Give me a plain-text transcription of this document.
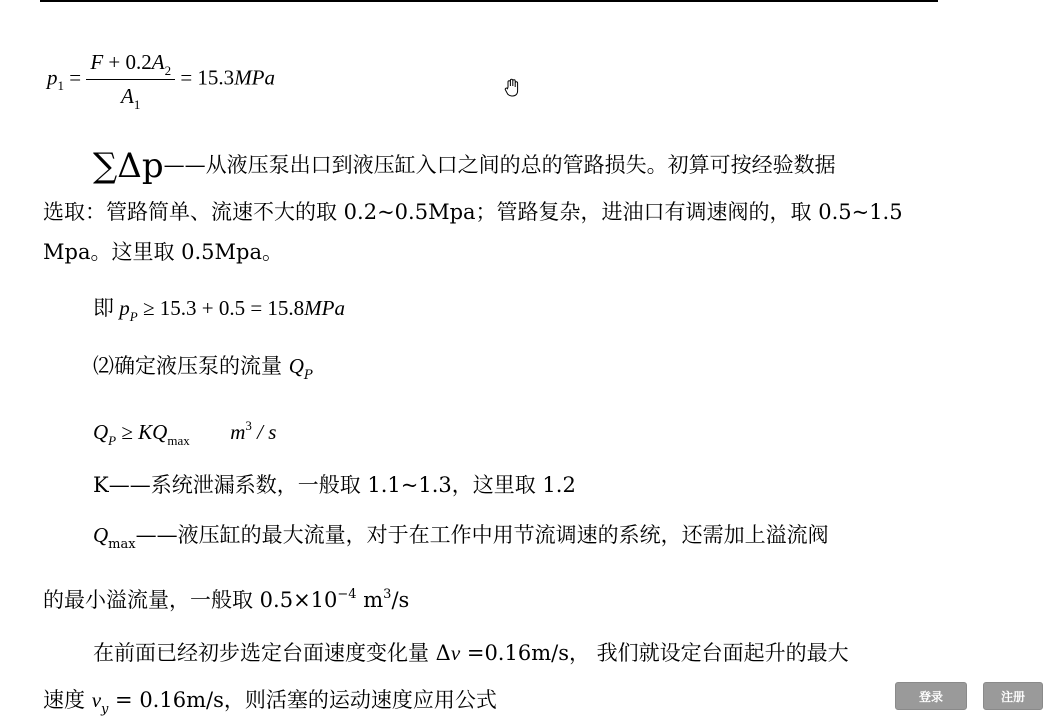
$p_1 = \frac{F + 0.2A_2}{A_1} = 15.3MPa$
∑Δp——从液压泵出口到液压缸入口之间的总的管路损失。初算可按经验数据
选取：管路简单、流速不大的取 0.2~0.5Mpa；管路复杂，进油口有调速阀的，取 0.5~1.5
Mpa。这里取 0.5Mpa。
即 $p_P \ge 15.3 + 0.5 = 15.8MPa$
⑵确定液压泵的流量 $Q_P$
$Q_P \ge KQ_{max}$ $m^3$ / s
K——系统泄漏系数，一般取 1.1~1.3，这里取 1.2
$Q_{max}——$液压缸的最大流量，对于在工作中用节流调速的系统，还需加上溢流阀
的最小溢流量，一般取 $0.5\times 10^{-4}$ $m^3/s$
在前面已经初步选定台面速度变化量 Δv =0.16m/s， 我们就设定台面起升的最大
速度 $v_y = 0.16m/s$，则活塞的运动速度应用公式	登录	注册
